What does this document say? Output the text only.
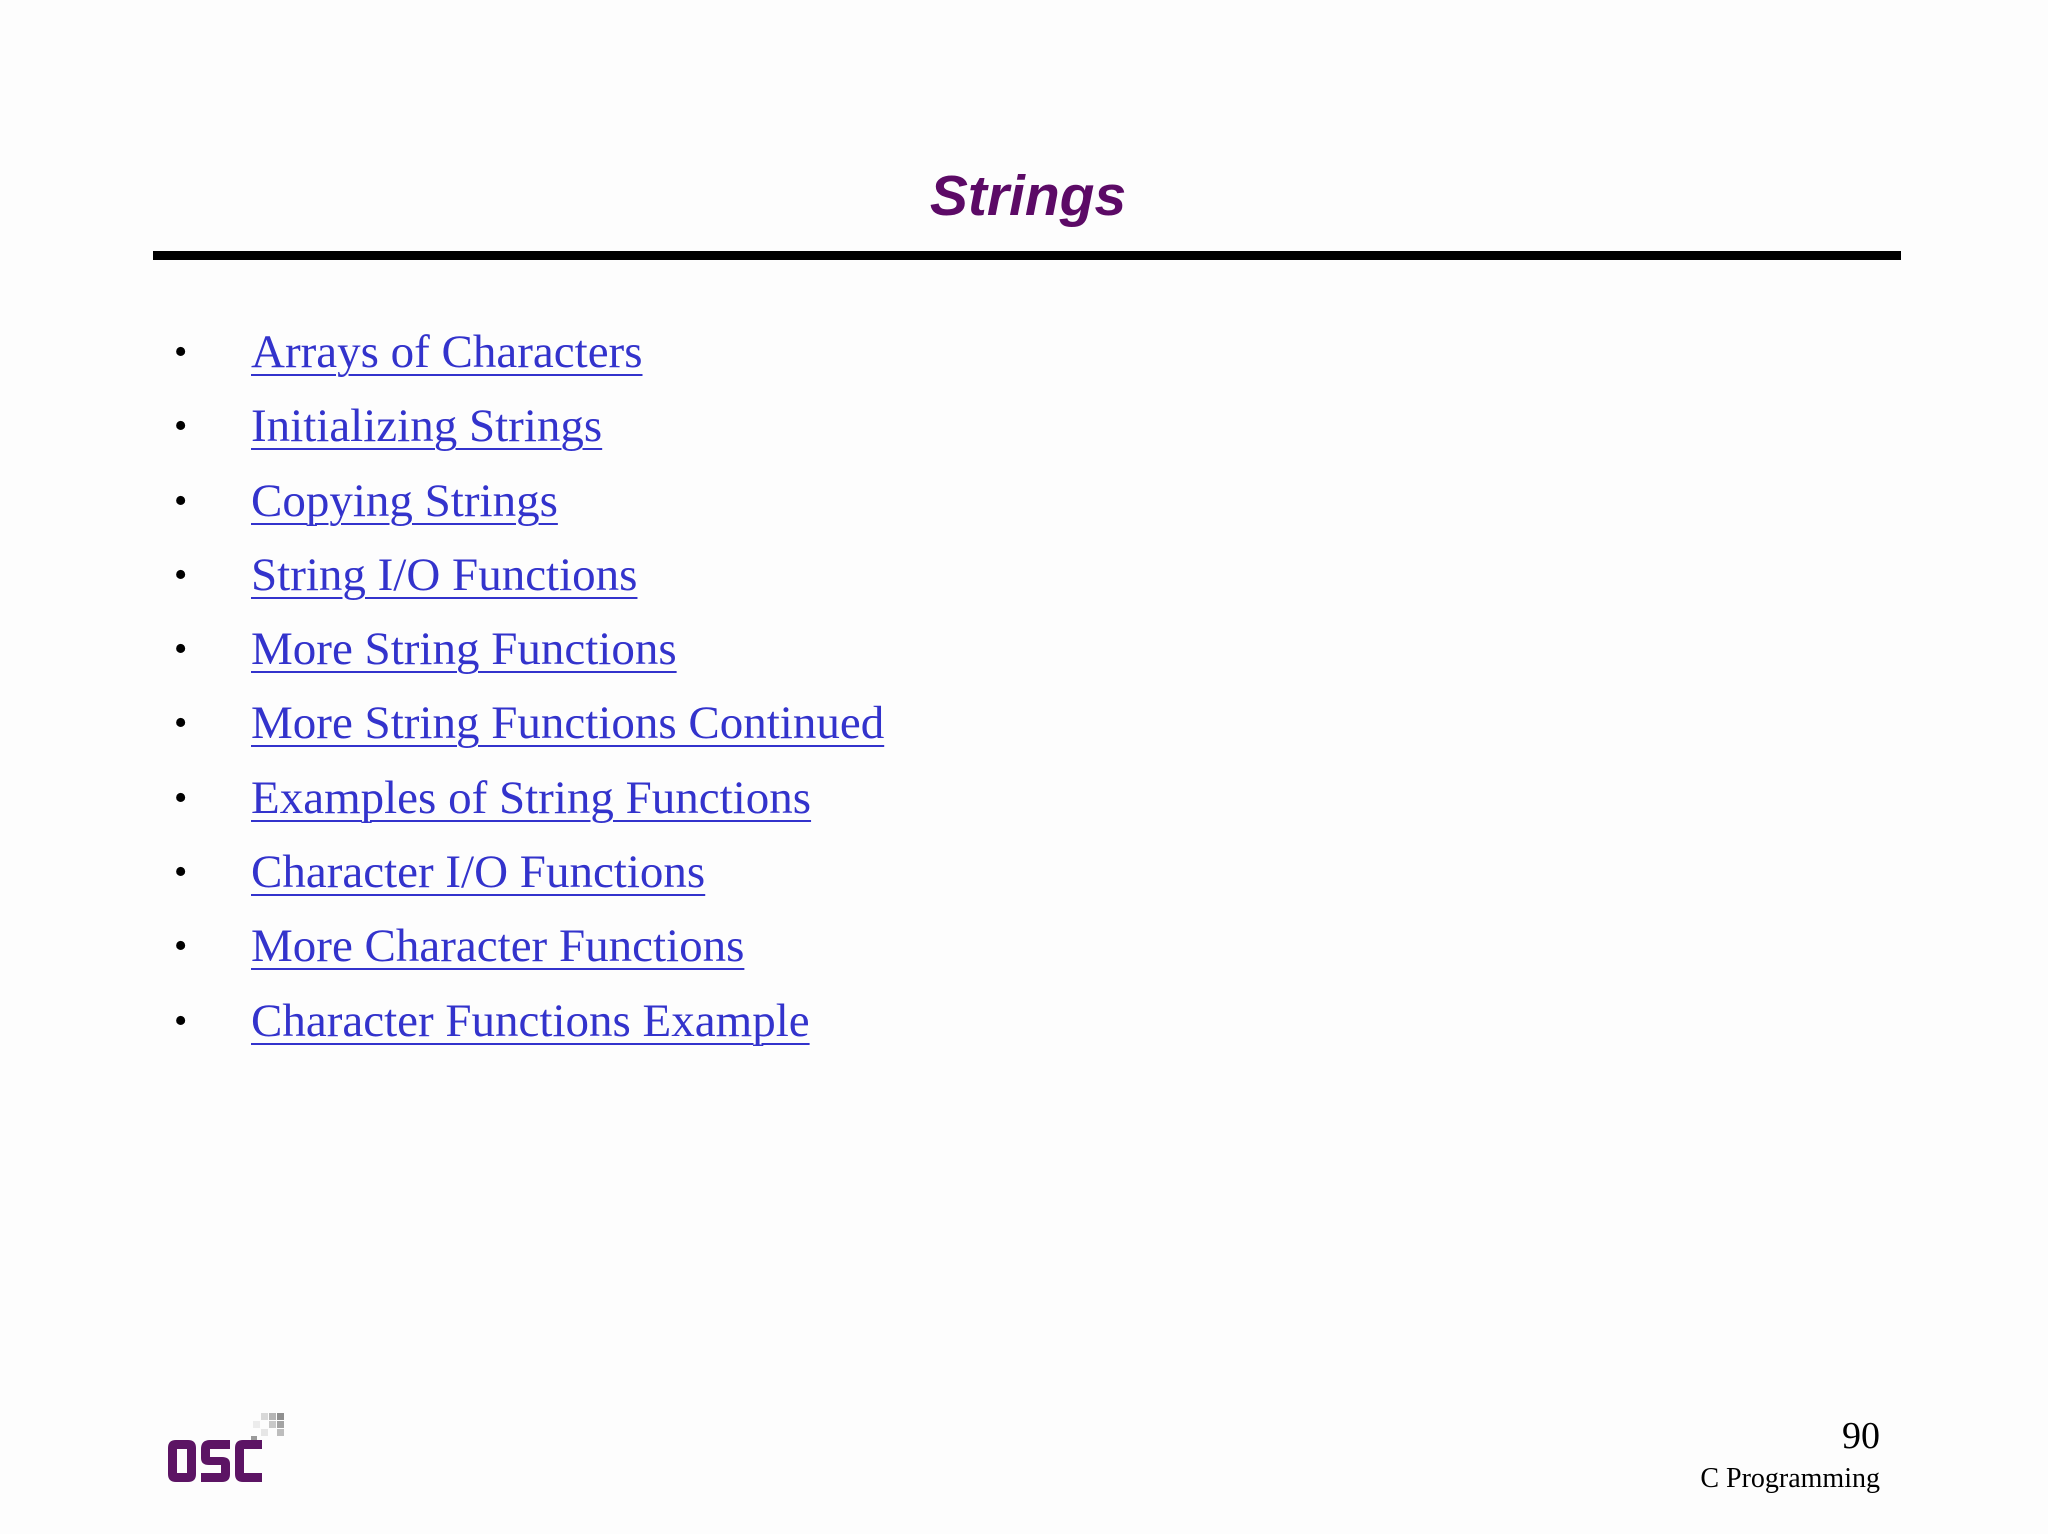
Strings
• Arrays of Characters
• Initializing Strings
• Copying Strings
• String I/O Functions
• More String Functions
• More String Functions Continued
• Examples of String Functions
• Character I/O Functions
• More Character Functions
• Character Functions Example
90
C Programming
